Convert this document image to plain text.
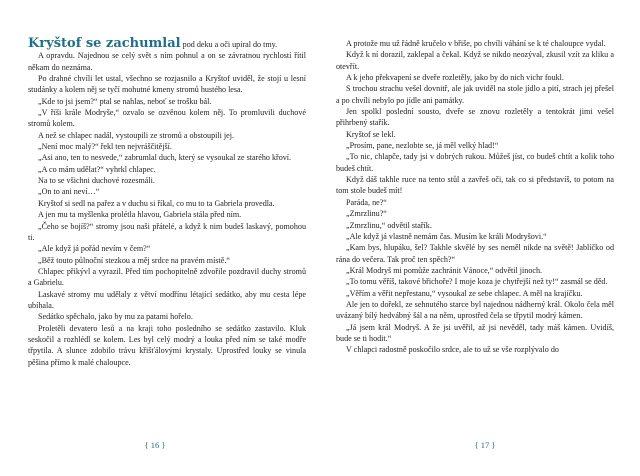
Kryštof se zachumlal pod deku a oči upíral do tmy.

A opravdu. Najednou se celý svět s ním pohnul a on se závratnou rychlostí řítil někam do neznáma.

Po drahné chvíli let ustal, všechno se rozjasnilo a Kryštof uviděl, že stojí u lesní studánky a kolem něj se tyčí mohutné kmeny stromů hustého lesa.

„Kde to jsi jsem?“ ptal se nahlas, neboť se trošku bál.

„V říši krále Modryše,“ ozvalo se ozvěnou kolem něj. To promluvili duchové stromů kolem.

A než se chlapec nadál, vystoupili ze stromů a obstoupili jej.

„Není moc malý?“ řekl ten nejvráščitější.

„Asi ano, ten to nesvede,“ zabrumlal duch, který se vysoukal ze starého křoví.

„A co mám udělat?“ vyhrkl chlapec.

Na to se všichni duchové rozesmáli.

„On to ani neví…“

Kryštof si sedl na pařez a v duchu si říkal, co mu to ta Gabriela provedla.

A jen mu ta myšlenka prolétla hlavou, Gabriela stála před ním.

„Čeho se bojíš?“ stromy jsou naši přátelé, a když k nim budeš laskavý, pomohou ti.

„Ale když já pořád nevím v čem?“

„Běž touto půlnoční stezkou a měj srdce na pravém místě.“

Chlapec přikývl a vyrazil. Před tím pochopitelně zdvořile pozdravil duchy stromů a Gabrielu.

Laskavé stromy mu udělaly z větví modřínu létající sedátko, aby mu cesta lépe ubíhala.

Sedátko spěchalo, jako by mu za patami hořelo.

Proletěli devatero lesů a na kraji toho posledního se sedátko zastavilo. Kluk seskočil a rozhlédl se kolem. Les byl celý modrý a louka před ním se také modře třpytila. A slunce zdobilo trávu křišťálovými krystaly. Uprostřed louky se vinula pěšina přímo k malé chaloupce.

{ 16 }

A protože mu už řádně kručelo v břiše, po chvíli váhání se k té chaloupce vydal.

Když k ní dorazil, zaklepal a čekal. Když se nikdo neozýval, zkusil vzít za kliku a otevřít.

A k jeho překvapení se dveře rozletěly, jako by do nich vichr foukl.

S trochou strachu vešel dovnitř, ale jak uviděl na stole jídlo a pití, strach jej přešel a po chvíli nebylo po jídle ani památky.

Jen spolkl poslední sousto, dveře se znovu rozletěly a tentokrát jimi vešel přihrbený stařík.

Kryštof se lekl.

„Prosím, pane, nezlobte se, já měl velký hlad!“

„To nic, chlapče, tady jsi v dobrých rukou. Můžeš jíst, co budeš chtít a kolik toho budeš chtít.

Když dáš takhle ruce na tento stůl a zavřeš oči, tak co si představíš, to potom na tom stole budeš mít!

Paráda, ne?“

„Zmrzlinu?“

„Zmrzlinu,“ odvětil stařík.

„Ale když já vlastně nemám čas. Musím ke králi Modryšovi.“

„Kam bys, hlupáku, šel? Takhle skvělé by ses neměl nikde na světě! Jablíčko od rána do večera. Tak proč ten spěch?“

„Král Modryš mi pomůže zachránit Vánoce,“ odvětil jinoch.

„To tomu věříš, takové břichoře? I moje koza je chytřejší než ty!“ zasmál se děd.

„Věřím a věřit nepřestanu,“ vysoukal ze sebe chlapec. A měl na krajíčku.

Ale jen to dořekl, ze sehnutého starce byl najednou nádherný král. Okolo čela měl uvázaný bílý hedvábný šál a na něm, uprostřed čela se třpytil modrý kámen.

„Já jsem král Modryš. A že jsi uvěřil, až jsi nevěděl, tady máš kámen. Uvidíš, bude se ti hodit.“

V chlapci radostně poskočilo srdce, ale to už se vše rozplývalo do

{ 17 }
